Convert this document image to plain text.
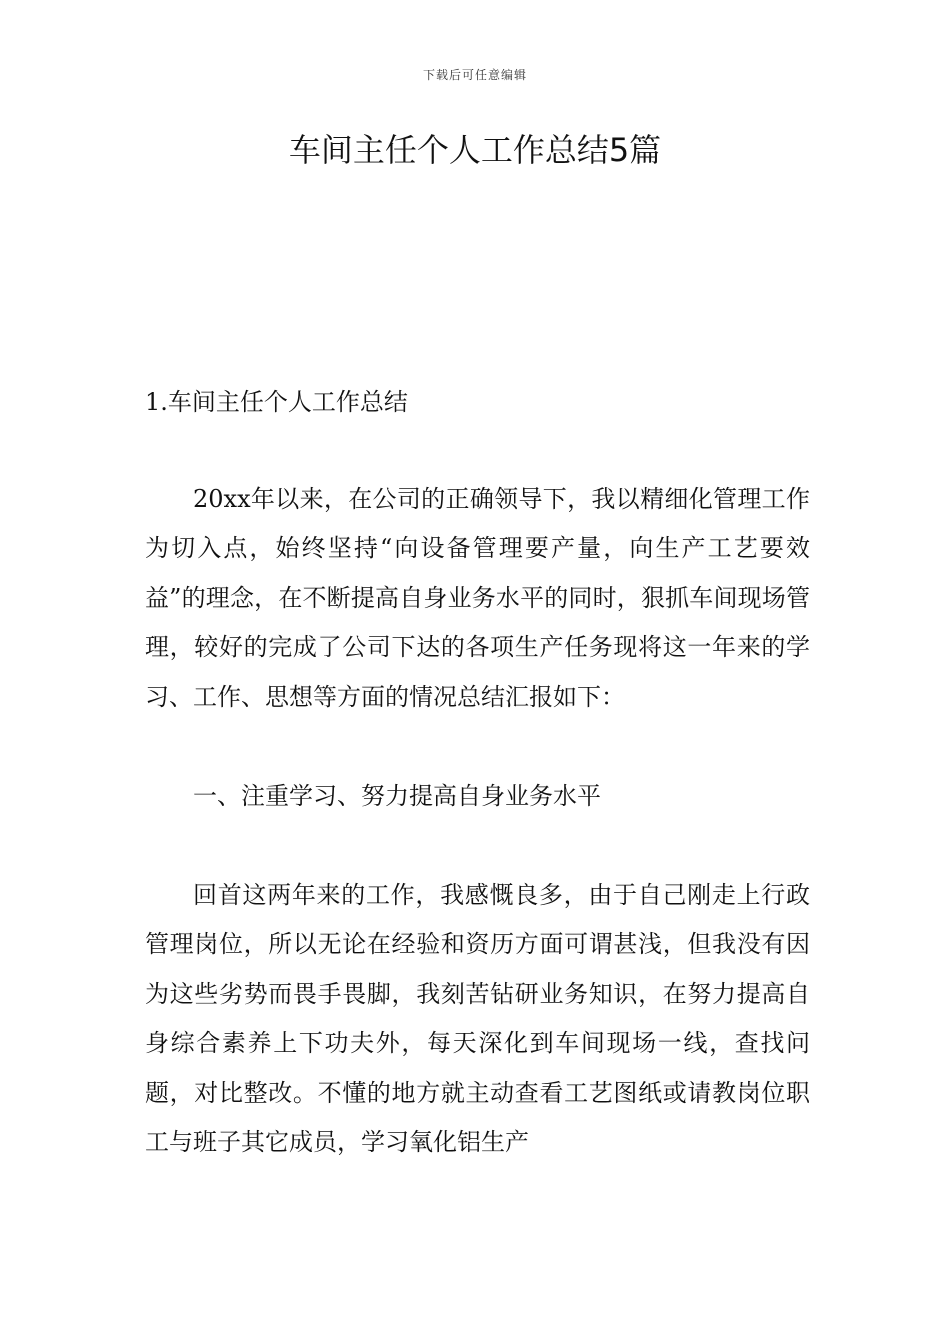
下载后可任意编辑
车间主任个人工作总结5篇

1.车间主任个人工作总结

20xx年以来，在公司的正确领导下，我以精细化管理工作为切入点，始终坚持“向设备管理要产量，向生产工艺要效益”的理念，在不断提高自身业务水平的同时，狠抓车间现场管理，较好的完成了公司下达的各项生产任务现将这一年来的学习、工作、思想等方面的情况总结汇报如下：

一、注重学习、努力提高自身业务水平

回首这两年来的工作，我感慨良多，由于自己刚走上行政管理岗位，所以无论在经验和资历方面可谓甚浅，但我没有因为这些劣势而畏手畏脚，我刻苦钻研业务知识，在努力提高自身综合素养上下功夫外，每天深化到车间现场一线，查找问题，对比整改。不懂的地方就主动查看工艺图纸或请教岗位职工与班子其它成员，学习氧化铝生产
